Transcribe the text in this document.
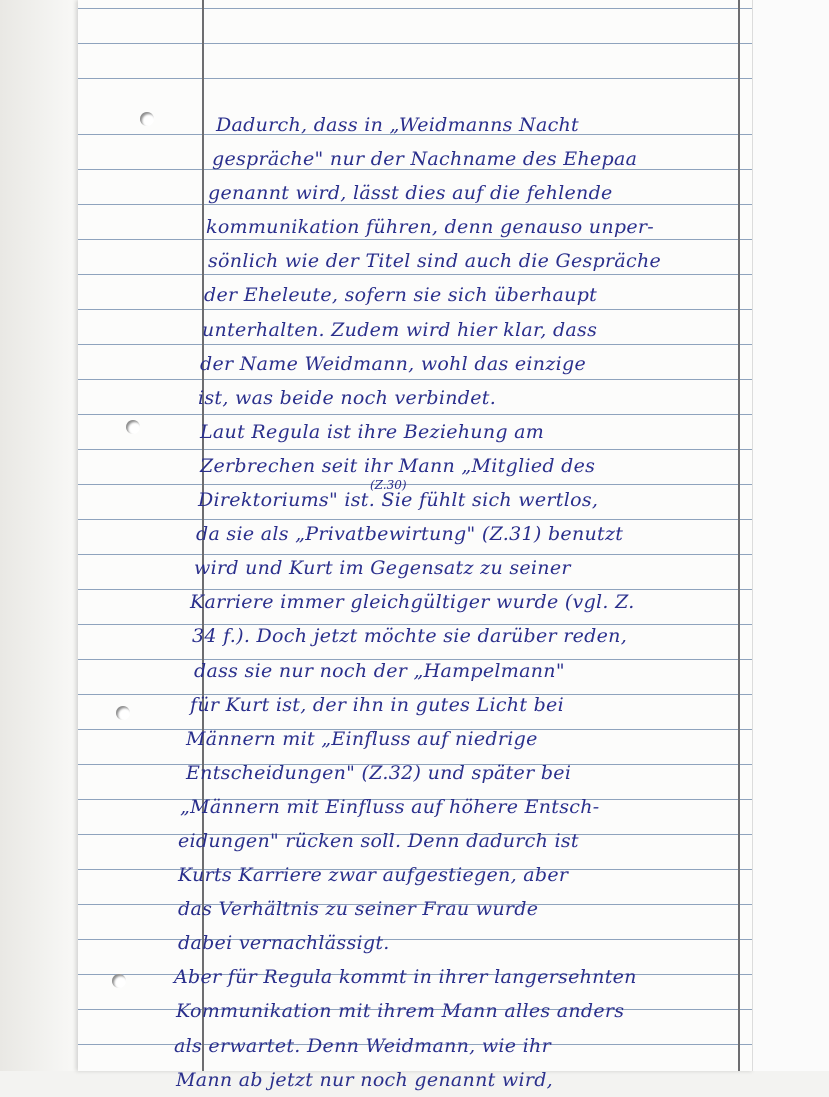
(Z.30)
Dadurch, dass in „Weidmanns Nacht
gespräche" nur der Nachname des Ehepaa
genannt wird, lässt dies auf die fehlende
kommunikation führen, denn genauso unper-
sönlich wie der Titel sind auch die Gespräche
der Eheleute, sofern sie sich überhaupt
unterhalten. Zudem wird hier klar, dass
der Name Weidmann, wohl das einzige
ist, was beide noch verbindet.
Laut Regula ist ihre Beziehung am
Zerbrechen seit ihr Mann „Mitglied des
Direktoriums" ist. Sie fühlt sich wertlos,
da sie als „Privatbewirtung" (Z.31) benutzt
wird und Kurt im Gegensatz zu seiner
Karriere immer gleichgültiger wurde (vgl. Z.
34 f.). Doch jetzt möchte sie darüber reden,
dass sie nur noch der „Hampelmann"
für Kurt ist, der ihn in gutes Licht bei
Männern mit „Einfluss auf niedrige
Entscheidungen" (Z.32) und später bei
„Männern mit Einfluss auf höhere Entsch-
eidungen" rücken soll. Denn dadurch ist
Kurts Karriere zwar aufgestiegen, aber
das Verhältnis zu seiner Frau wurde
dabei vernachlässigt.
Aber für Regula kommt in ihrer langersehnten
Kommunikation mit ihrem Mann alles anders
als erwartet. Denn Weidmann, wie ihr
Mann ab jetzt nur noch genannt wird,
